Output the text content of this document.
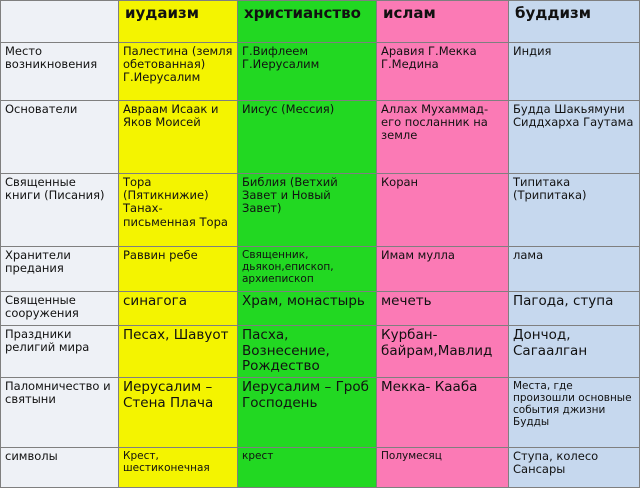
	иудаизм	христианство	ислам	буддизм
Место возникновения	Палестина (земля обетованная) Г.Иерусалим	Г.Вифлеем Г.Иерусалим	Аравия Г.Мекка Г.Медина	Индия
Основатели	Авраам Исаак и Яков Моисей	Иисус (Мессия)	Аллах Мухаммад- его посланник на земле	Будда Шакьямуни Сиддхарха Гаутама
Священные книги (Писания)	Тора (Пятикнижие) Танах- письменная Тора	Библия (Ветхий Завет и Новый Завет)	Коран	Типитака (Трипитака)
Хранители предания	Раввин ребе	Священник, дьякон,епископ, архиепископ	Имам мулла	лама
Священные сооружения	синагога	Храм, монастырь	мечеть	Пагода, ступа
Праздники религий мира	Песах, Шавуот	Пасха, Вознесение, Рождество	Курбан- байрам,Мавлид	Дончод, Сагаалган
Паломничество и святыни	Иерусалим – Стена Плача	Иерусалим – Гроб Господень	Мекка- Кааба	Места, где произошли основные события джизни Будды
символы	Крест, шестиконечная	крест	Полумесяц	Ступа, колесо Сансары
